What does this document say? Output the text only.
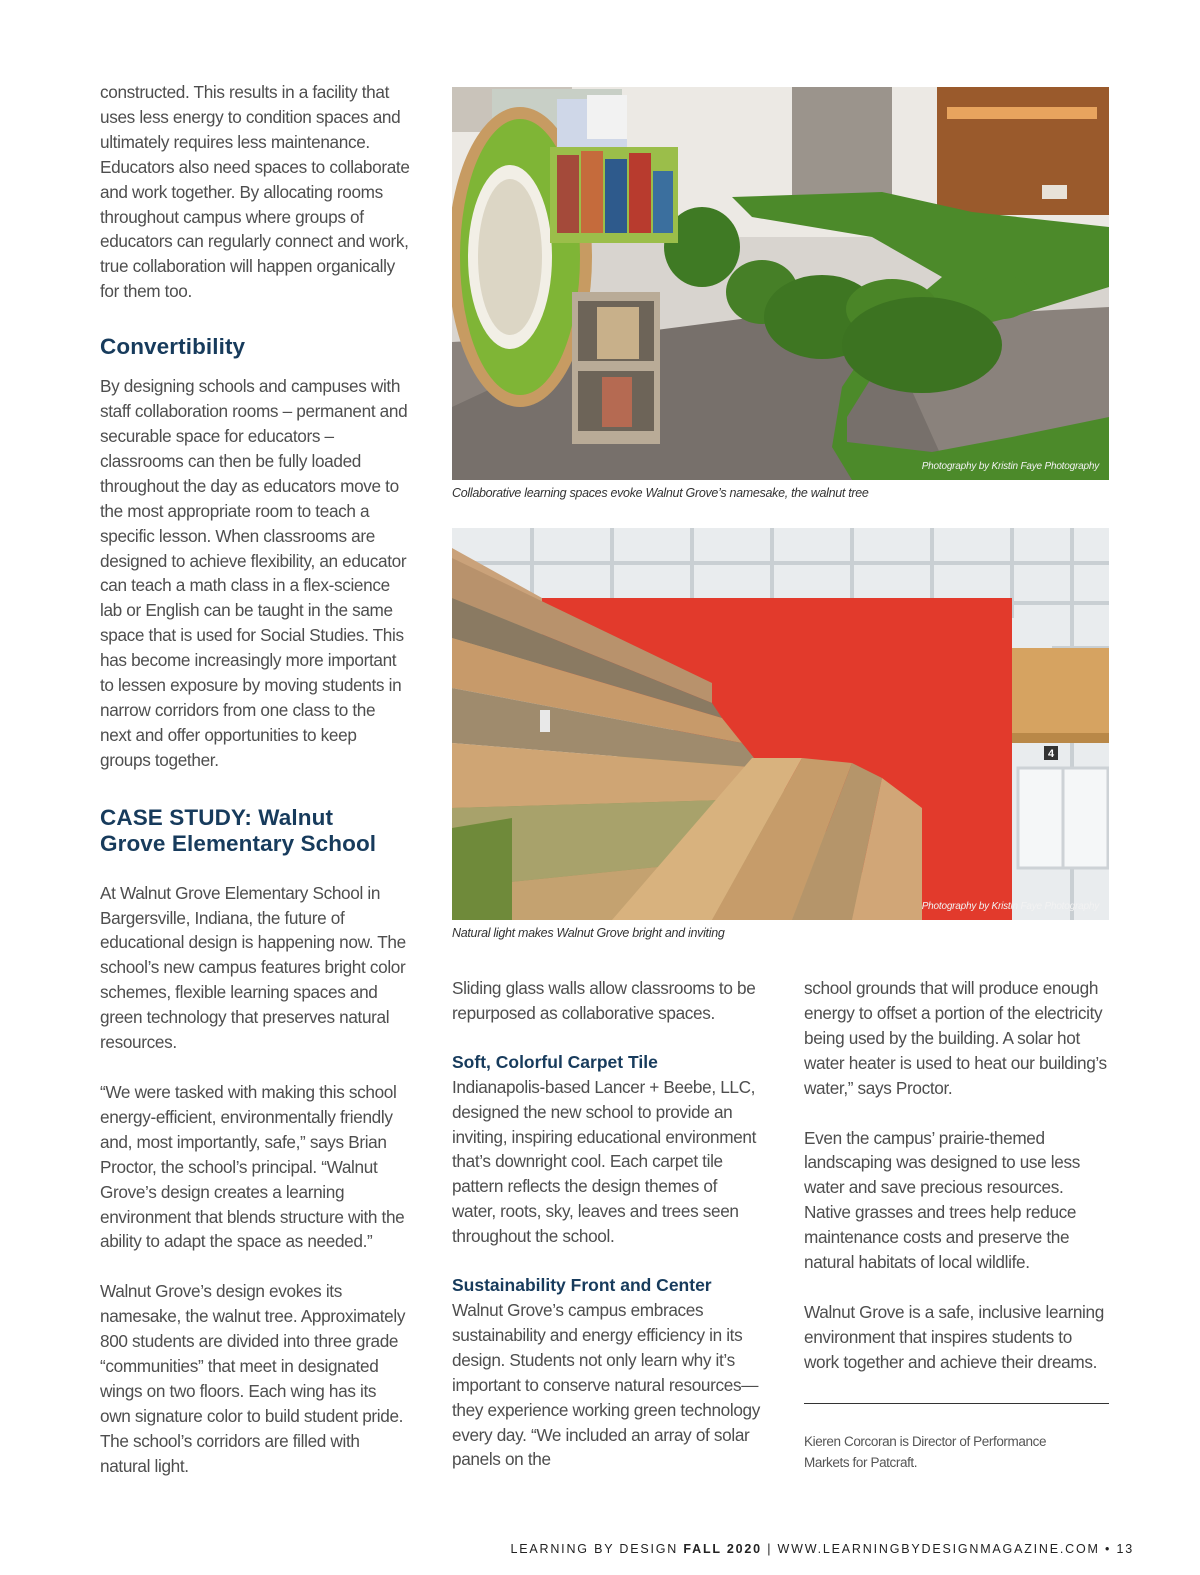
constructed. This results in a facility that uses less energy to condition spaces and ultimately requires less maintenance. Educators also need spaces to collaborate and work together. By allocating rooms throughout campus where groups of educators can regularly connect and work, true collaboration will happen organically for them too.

Convertibility

By designing schools and campuses with staff collaboration rooms – permanent and securable space for educators – classrooms can then be fully loaded throughout the day as educators move to the most appropriate room to teach a specific lesson. When classrooms are designed to achieve flexibility, an educator can teach a math class in a flex-science lab or English can be taught in the same space that is used for Social Studies. This has become increasingly more important to lessen exposure by moving students in narrow corridors from one class to the next and offer opportunities to keep groups together.

CASE STUDY: Walnut
Grove Elementary School

At Walnut Grove Elementary School in Bargersville, Indiana, the future of educational design is happening now. The school’s new campus features bright color schemes, flexible learning spaces and green technology that preserves natural resources.

“We were tasked with making this school energy-efficient, environmentally friendly and, most importantly, safe,” says Brian Proctor, the school’s principal. “Walnut Grove’s design creates a learning environment that blends structure with the ability to adapt the space as needed.”

Walnut Grove’s design evokes its namesake, the walnut tree. Approximately 800 students are divided into three grade “communities” that meet in designated wings on two floors. Each wing has its own signature color to build student pride. The school’s corridors are filled with natural light.

Photography by Kristin Faye Photography
Collaborative learning spaces evoke Walnut Grove’s namesake, the walnut tree
4
Photography by Kristin Faye Photography
Natural light makes Walnut Grove bright and inviting

Sliding glass walls allow classrooms to be repurposed as collaborative spaces.

Soft, Colorful Carpet Tile

Indianapolis-based Lancer + Beebe, LLC, designed the new school to provide an inviting, inspiring educational environment that’s downright cool. Each carpet tile pattern reflects the design themes of water, roots, sky, leaves and trees seen throughout the school.

Sustainability Front and Center

Walnut Grove’s campus embraces sustainability and energy efficiency in its design. Students not only learn why it’s important to conserve natural resources—they experience working green technology every day. “We included an array of solar panels on the

school grounds that will produce enough energy to offset a portion of the electricity being used by the building. A solar hot water heater is used to heat our building’s water,” says Proctor.

Even the campus’ prairie-themed landscaping was designed to use less water and save precious resources. Native grasses and trees help reduce maintenance costs and preserve the natural habitats of local wildlife.

Walnut Grove is a safe, inclusive learning environment that inspires students to work together and achieve their dreams.

Kieren Corcoran is Director of Performance Markets for Patcraft.
LEARNING BY DESIGN FALL 2020 | WWW.LEARNINGBYDESIGNMAGAZINE.COM • 13
